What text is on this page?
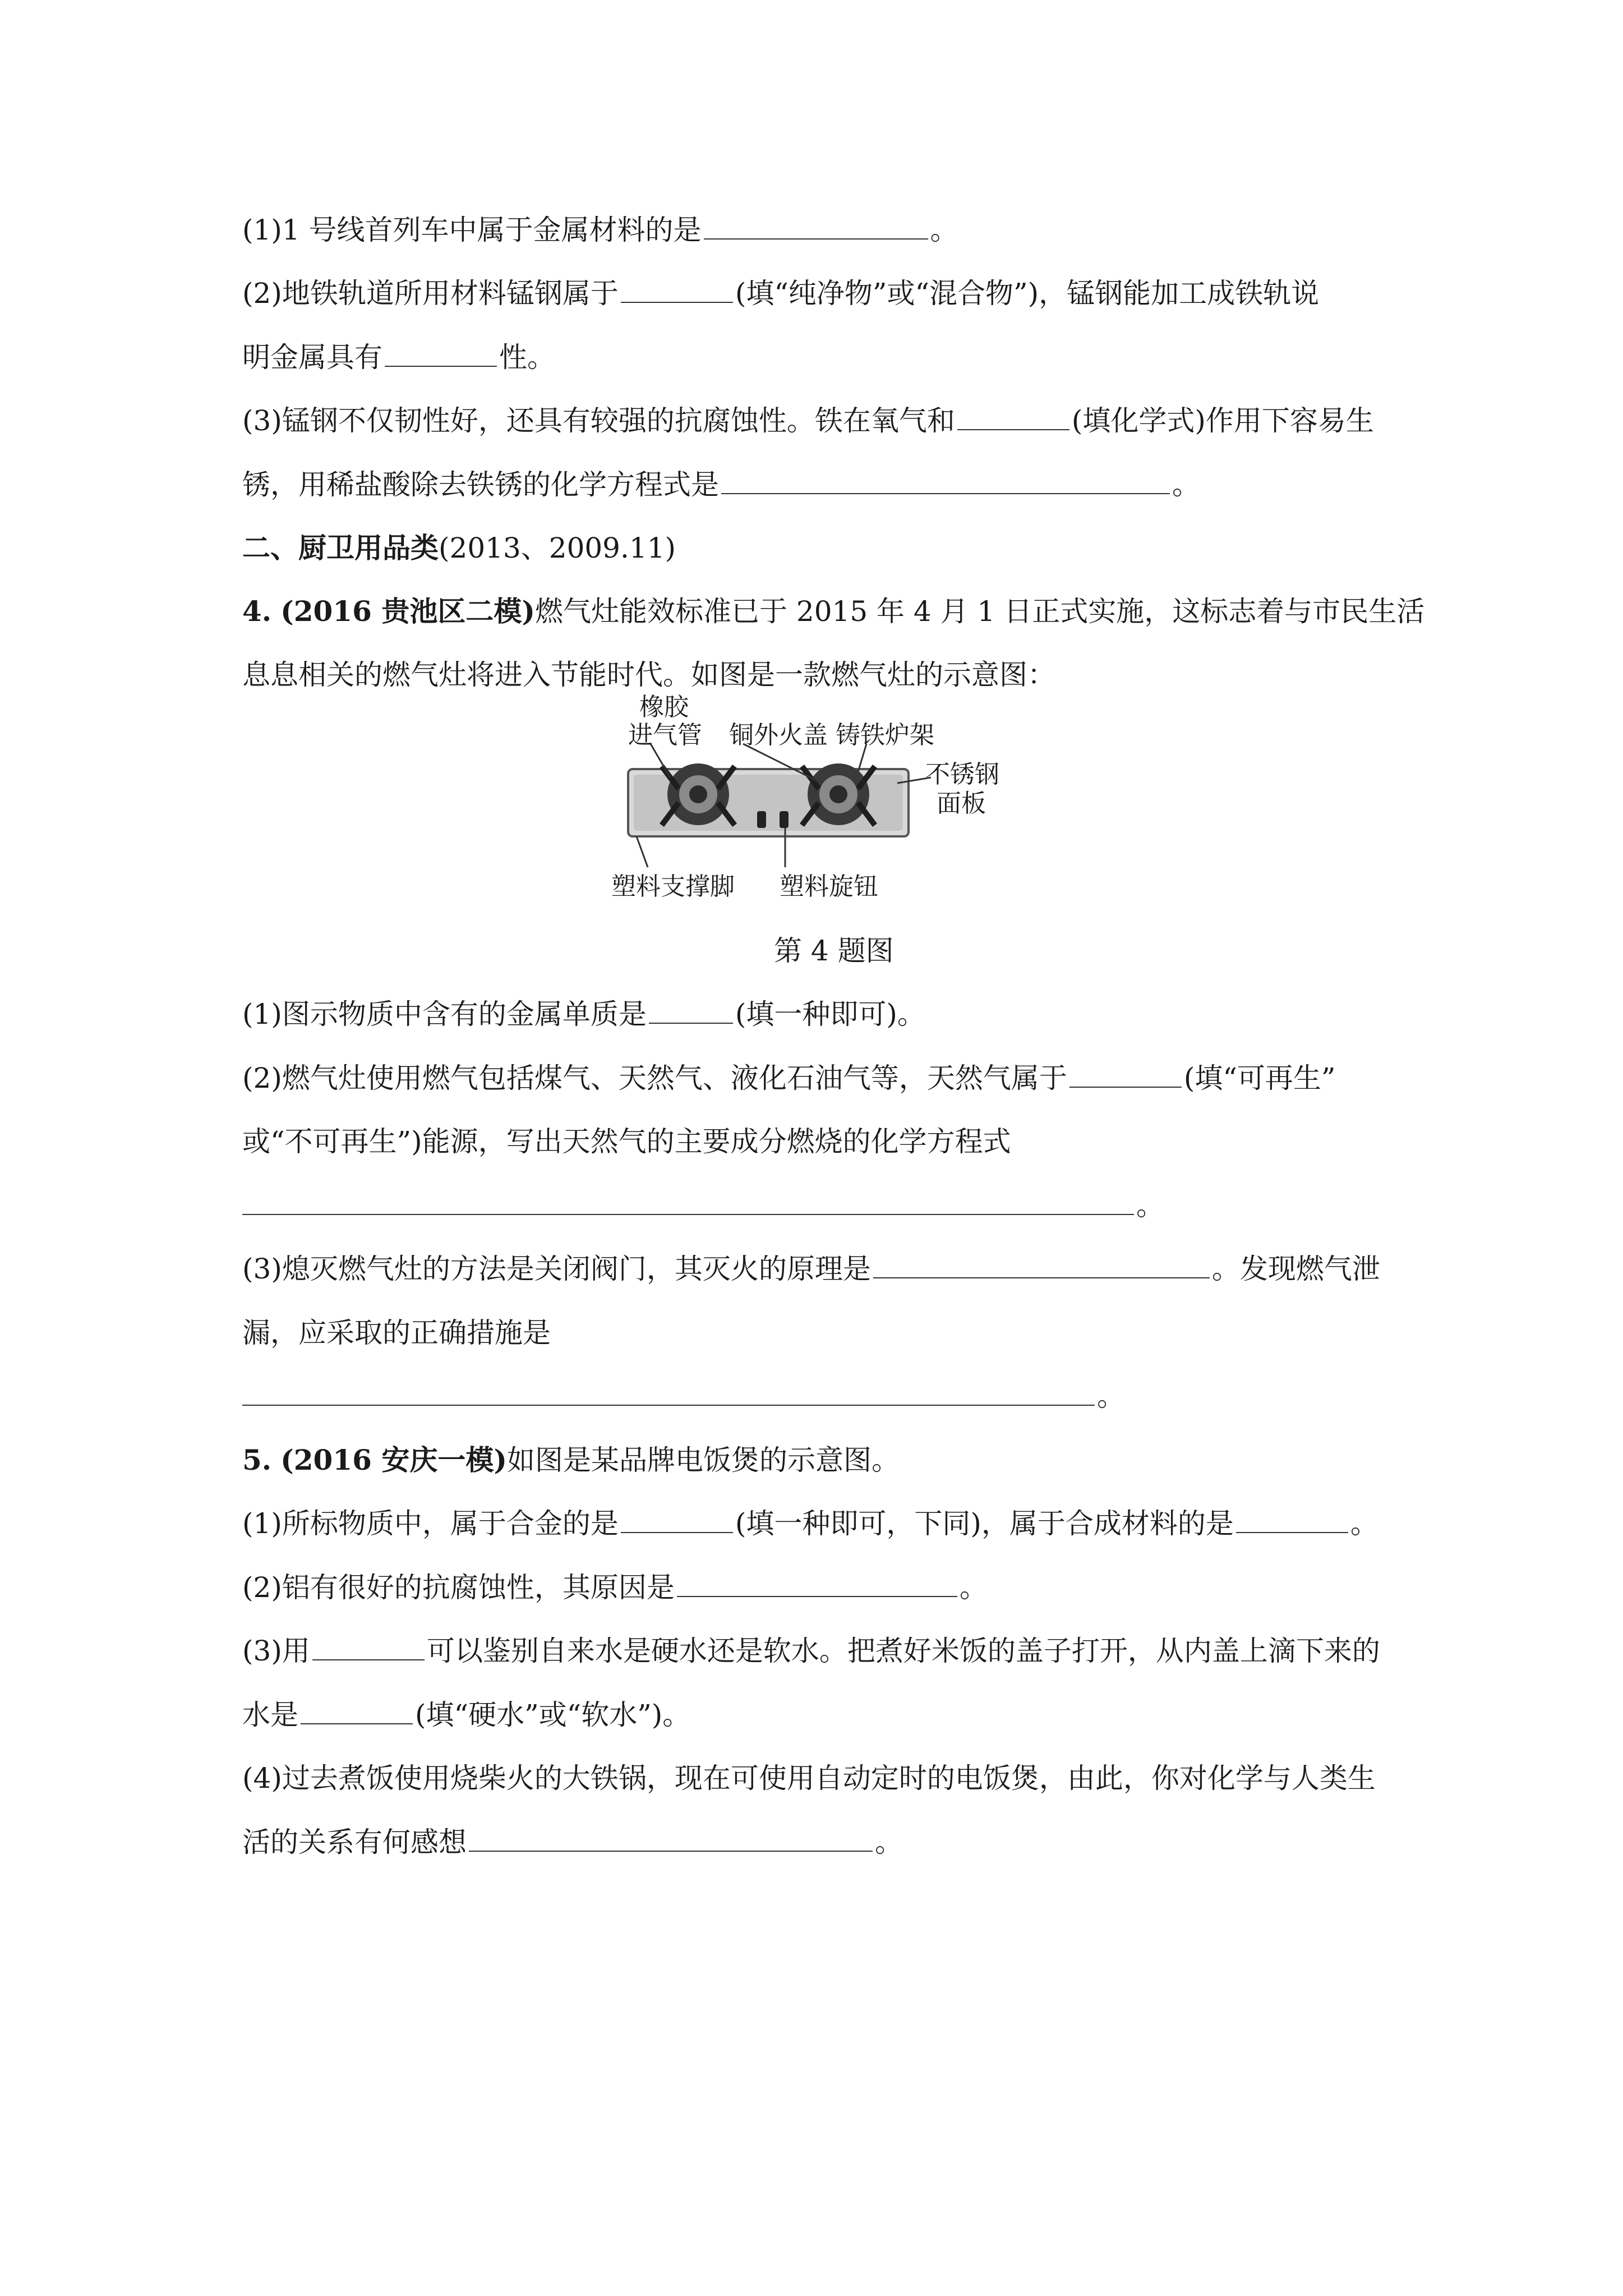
(1)1 号线首列车中属于金属材料的是	。
(2)地铁轨道所用材料锰钢属于	(填“纯净物”或“混合物”)，锰钢能加工成铁轨说
明金属具有	性。
(3)锰钢不仅韧性好，还具有较强的抗腐蚀性。铁在氧气和	(填化学式)作用下容易生
锈，用稀盐酸除去铁锈的化学方程式是	。
二、厨卫用品类(2013、2009.11)
4. (2016 贵池区二模)燃气灶能效标准已于 2015 年 4 月 1 日正式实施，这标志着与市民生活
息息相关的燃气灶将进入节能时代。如图是一款燃气灶的示意图：
橡胶
进气管 铜外火盖 铸铁炉架
不锈钢
面板
塑料支撑脚 塑料旋钮
第 4 题图
(1)图示物质中含有的金属单质是	(填一种即可)。
(2)燃气灶使用燃气包括煤气、天然气、液化石油气等，天然气属于	(填“可再生”
或“不可再生”)能源，写出天然气的主要成分燃烧的化学方程式
。
(3)熄灭燃气灶的方法是关闭阀门，其灭火的原理是	。发现燃气泄
漏，应采取的正确措施是
。
5. (2016 安庆一模)如图是某品牌电饭煲的示意图。
(1)所标物质中，属于合金的是	(填一种即可，下同)，属于合成材料的是	。
(2)铝有很好的抗腐蚀性，其原因是	。
(3)用	可以鉴别自来水是硬水还是软水。把煮好米饭的盖子打开，从内盖上滴下来的
水是	(填“硬水”或“软水”)。
(4)过去煮饭使用烧柴火的大铁锅，现在可使用自动定时的电饭煲，由此，你对化学与人类生
活的关系有何感想	。
